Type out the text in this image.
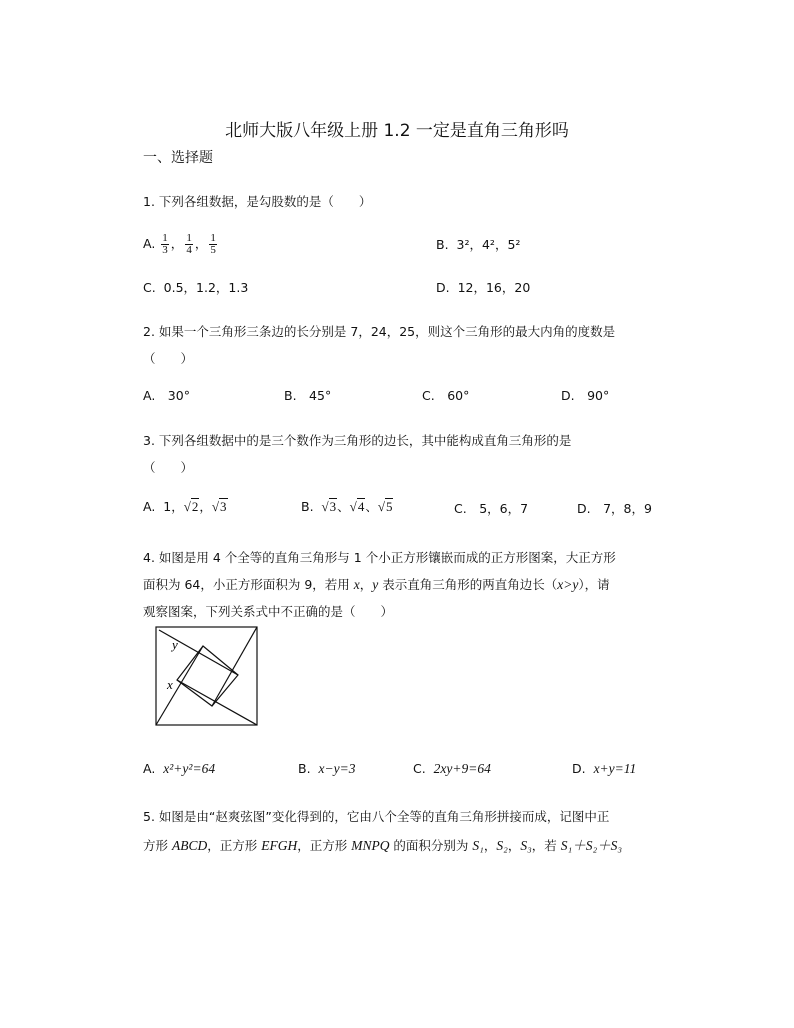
北师大版八年级上册 1.2 一定是直角三角形吗
一、选择题
1. 下列各组数据，是勾股数的是（　　）
A. $\frac{1}{3}$ ， $\frac{1}{4}$ ， $\frac{1}{5}$	B. 3²，4²，5²
C. 0.5，1.2，1.3	D. 12，16，20
2. 如果一个三角形三条边的长分别是 7，24，25，则这个三角形的最大内角的度数是
（　　）
A.　30°	B.　45°	C.　60°	D.　90°
3. 下列各组数据中的是三个数作为三角形的边长，其中能构成直角三角形的是
（　　）
A. 1，√2，√3	B. √3、√4、√5	C.　5，6，7	D.　7，8，9
4. 如图是用 4 个全等的直角三角形与 1 个小正方形镶嵌而成的正方形图案，大正方形
面积为 64，小正方形面积为 9，若用 x，y 表示直角三角形的两直角边长（x>y），请
观察图案，下列关系式中不正确的是（　　）
y
x
A. x²+y²=64	B. x−y=3	C. 2xy+9=64	D. x+y=11
5. 如图是由“赵爽弦图”变化得到的，它由八个全等的直角三角形拼接而成，记图中正
方形 ABCD，正方形 EFGH，正方形 MNPQ 的面积分别为 S₁，S₂，S₃，若 S₁＋S₂＋S₃
